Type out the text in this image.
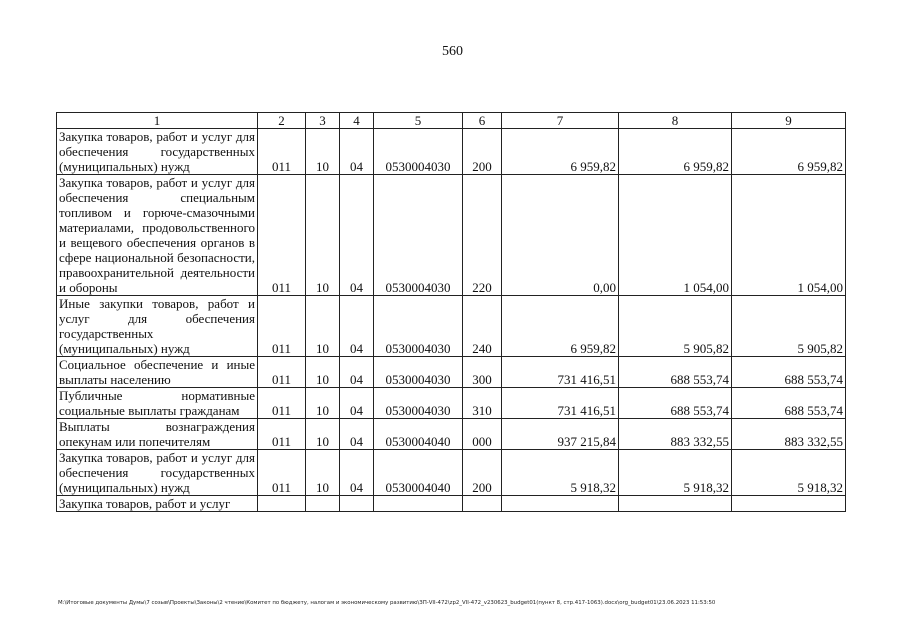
560
1	2	3	4	5	6	7	8	9
Закупка товаров, работ и услуг для обеспечения государственных (муниципальных) нужд	011	10	04	0530004030	200	6 959,82	6 959,82	6 959,82
Закупка товаров, работ и услуг для обеспечения специальным топливом и горюче-смазочными материалами, продовольственного и вещевого обеспечения органов в сфере национальной безопасности, правоохранительной деятельности и обороны	011	10	04	0530004030	220	0,00	1 054,00	1 054,00
Иные закупки товаров, работ и услуг для обеспечения государственных (муниципальных) нужд	011	10	04	0530004030	240	6 959,82	5 905,82	5 905,82
Социальное обеспечение и иные выплаты населению	011	10	04	0530004030	300	731 416,51	688 553,74	688 553,74
Публичные нормативные социальные выплаты гражданам	011	10	04	0530004030	310	731 416,51	688 553,74	688 553,74
Выплаты вознаграждения опекунам или попечителям	011	10	04	0530004040	000	937 215,84	883 332,55	883 332,55
Закупка товаров, работ и услуг для обеспечения государственных (муниципальных) нужд	011	10	04	0530004040	200	5 918,32	5 918,32	5 918,32
Закупка товаров, работ и услуг								
M:\Итоговые документы Думы\7 созыв\Проекты\Законы\2 чтение\Комитет по бюджету, налогам и экономическому развитию\ЗП-VII-472\zp2_VII-472_v230623_budget01(пункт 8, стр.417-1063).docx\org_budget01\23.06.2023 11:53:50
